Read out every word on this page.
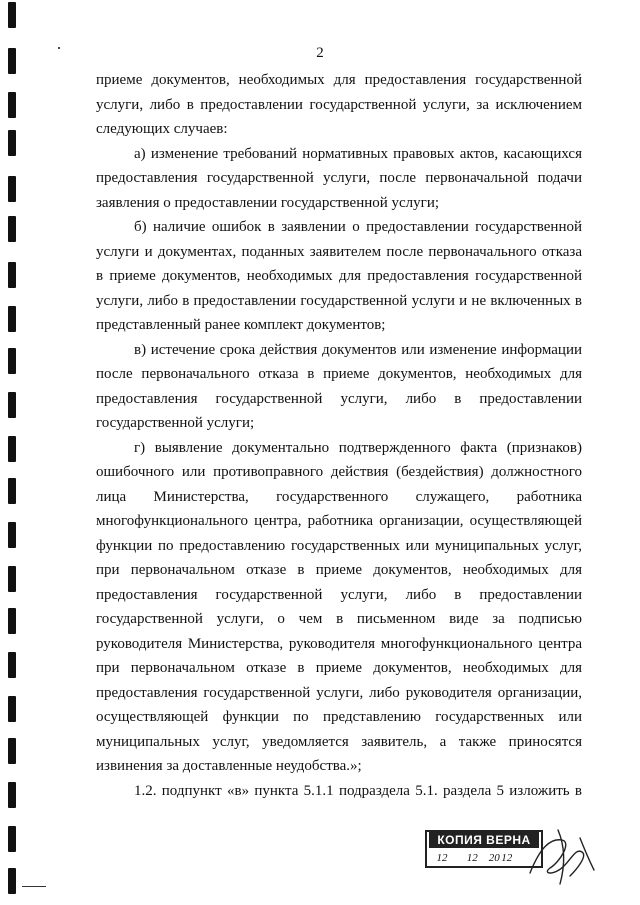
2

приеме документов, необходимых для предоставления государственной услуги, либо в предоставлении государственной услуги, за исключением следующих случаев:

а) изменение требований нормативных правовых актов, касающихся предоставления государственной услуги, после первоначальной подачи заявления о предоставлении государственной услуги;

б) наличие ошибок в заявлении о предоставлении государственной услуги и документах, поданных заявителем после первоначального отказа в приеме документов, необходимых для предоставления государственной услуги, либо в предоставлении государственной услуги и не включенных в представленный ранее комплект документов;

в) истечение срока действия документов или изменение информации после первоначального отказа в приеме документов, необходимых для предоставления государственной услуги, либо в предоставлении государственной услуги;

г) выявление документально подтвержденного факта (признаков) ошибочного или противоправного действия (бездействия) должностного лица Министерства, государственного служащего, работника многофункционального центра, работника организации, осуществляющей функции по предоставлению государственных или муниципальных услуг, при первоначальном отказе в приеме документов, необходимых для предоставления государственной услуги, либо в предоставлении государственной услуги, о чем в письменном виде за подписью руководителя Министерства, руководителя многофункционального центра при первоначальном отказе в приеме документов, необходимых для предоставления государственной услуги, либо руководителя организации, осуществляющей функции по представлению государственных или муниципальных услуг, уведомляется заявитель, а также приносятся извинения за доставленные неудобства.»;

1.2. подпункт «в» пункта 5.1.1 подраздела 5.1. раздела 5 изложить в

КОПИЯ ВЕРНА
12 12 20 12
